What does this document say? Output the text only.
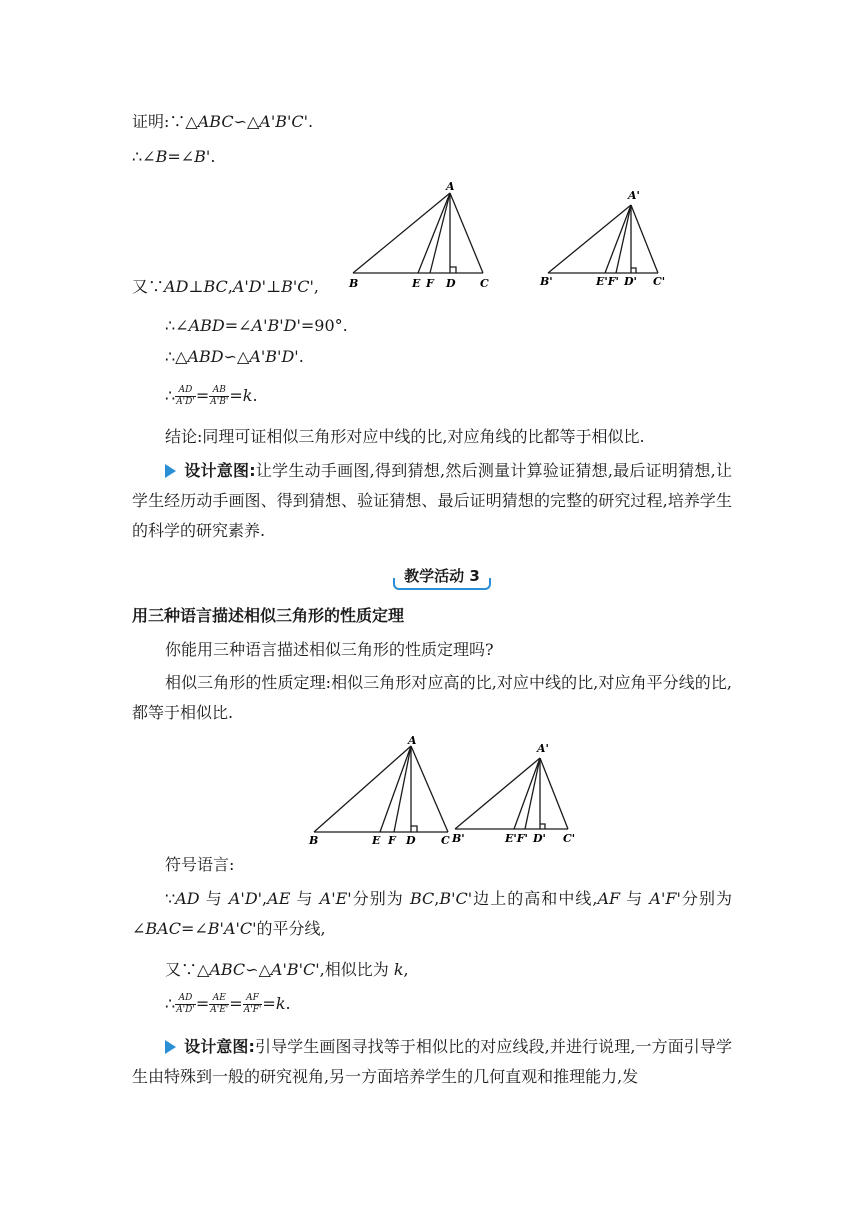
证明:∵△ABC∽△A'B'C'.
∴∠B=∠B'.
A
B	E F D C
A'
B'	E'F' D' C'
又∵AD⊥BC,A'D'⊥B'C',
∴∠ABD=∠A'B'D'=90°.
∴△ABD∽△A'B'D'.
∴ $\frac{AD}{A'D'} = \frac{AB}{A'B'} =k$.
结论:同理可证相似三角形对应中线的比,对应角线的比都等于相似比.
设计意图:让学生动手画图,得到猜想,然后测量计算验证猜想,最后证明猜想,让学生经历动手画图、得到猜想、验证猜想、最后证明猜想的完整的研究过程,培养学生的科学的研究素养.
教学活动 3
用三种语言描述相似三角形的性质定理
你能用三种语言描述相似三角形的性质定理吗?
相似三角形的性质定理:相似三角形对应高的比,对应中线的比,对应角平分线的比,都等于相似比.
A
B	E F D C
A'
B'	E'F' D' C'
符号语言:
∵AD 与 A'D',AE 与 A'E'分别为 BC,B'C'边上的高和中线,AF 与 A'F'分别为∠BAC=∠B'A'C'的平分线,
又∵△ABC∽△A'B'C',相似比为 k,
∴ $\frac{AD}{A'D'} = \frac{AE}{A'E'} = \frac{AF}{A'F'} =k$.
设计意图:引导学生画图寻找等于相似比的对应线段,并进行说理,一方面引导学生由特殊到一般的研究视角,另一方面培养学生的几何直观和推理能力,发
